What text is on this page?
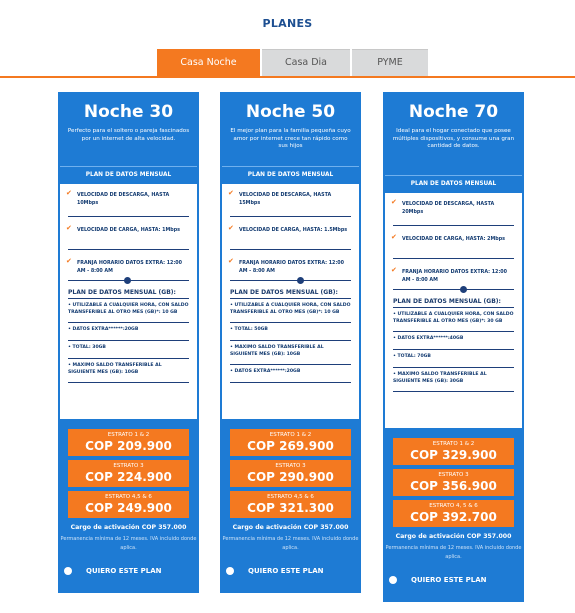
PLANES
Casa Noche	Casa Dia	PYME
Noche 30
Perfecto para el soltero o pareja fascinados por un internet de alta velocidad.
PLAN DE DATOS MENSUAL
✔	VELOCIDAD DE DESCARGA, HASTA 10Mbps
✔	VELOCIDAD DE CARGA, HASTA: 1Mbps
✔	FRANJA HORARIO DATOS EXTRA: 12:00 AM - 8:00 AM
PLAN DE DATOS MENSUAL (GB):
• UTILIZABLE A CUALQUIER HORA, CON SALDO TRANSFERIBLE AL OTRO MES (GB)*: 10 GB
• DATOS EXTRA******:20GB
• TOTAL: 30GB
• MAXIMO SALDO TRANSFERIBLE AL SIGUIENTE MES (GB): 10GB
ESTRATO 1 & 2
COP 209.900
ESTRATO 3
COP 224.900
ESTRATO 4,5 & 6
COP 249.900
Cargo de activación COP 357.000
Permanencia mínima de 12 meses. IVA incluido donde aplica.
QUIERO ESTE PLAN
Noche 50
El mejor plan para la familia pequeña cuyo amor por internet crece tan rápido como sus hijos
PLAN DE DATOS MENSUAL
✔	VELOCIDAD DE DESCARGA, HASTA 15Mbps
✔	VELOCIDAD DE CARGA, HASTA: 1.5Mbps
✔	FRANJA HORARIO DATOS EXTRA: 12:00 AM - 8:00 AM
PLAN DE DATOS MENSUAL (GB):
• UTILIZABLE A CUALQUIER HORA, CON SALDO TRANSFERIBLE AL OTRO MES (GB)*: 10 GB
• TOTAL: 50GB
• MAXIMO SALDO TRANSFERIBLE AL SIGUIENTE MES (GB): 10GB
• DATOS EXTRA******:20GB
ESTRATO 1 & 2
COP 269.900
ESTRATO 3
COP 290.900
ESTRATO 4,5 & 6
COP 321.300
Cargo de activación COP 357.000
Permanencia mínima de 12 meses. IVA incluido donde aplica.
QUIERO ESTE PLAN
Noche 70
Ideal para el hogar conectado que posee múltiples dispositivos, y consume una gran cantidad de datos.
PLAN DE DATOS MENSUAL
✔	VELOCIDAD DE DESCARGA, HASTA 20Mbps
✔	VELOCIDAD DE CARGA, HASTA: 2Mbps
✔	FRANJA HORARIO DATOS EXTRA: 12:00 AM - 8:00 AM
PLAN DE DATOS MENSUAL (GB):
• UTILIZABLE A CUALQUIER HORA, CON SALDO TRANSFERIBLE AL OTRO MES (GB)*: 30 GB
• DATOS EXTRA******:40GB
• TOTAL: 70GB
• MAXIMO SALDO TRANSFERIBLE AL SIGUIENTE MES (GB): 30GB
ESTRATO 1 & 2
COP 329.900
ESTRATO 3
COP 356.900
ESTRATO 4, 5 & 6
COP 392.700
Cargo de activación COP 357.000
Permanencia mínima de 12 meses. IVA incluido donde aplica.
QUIERO ESTE PLAN
